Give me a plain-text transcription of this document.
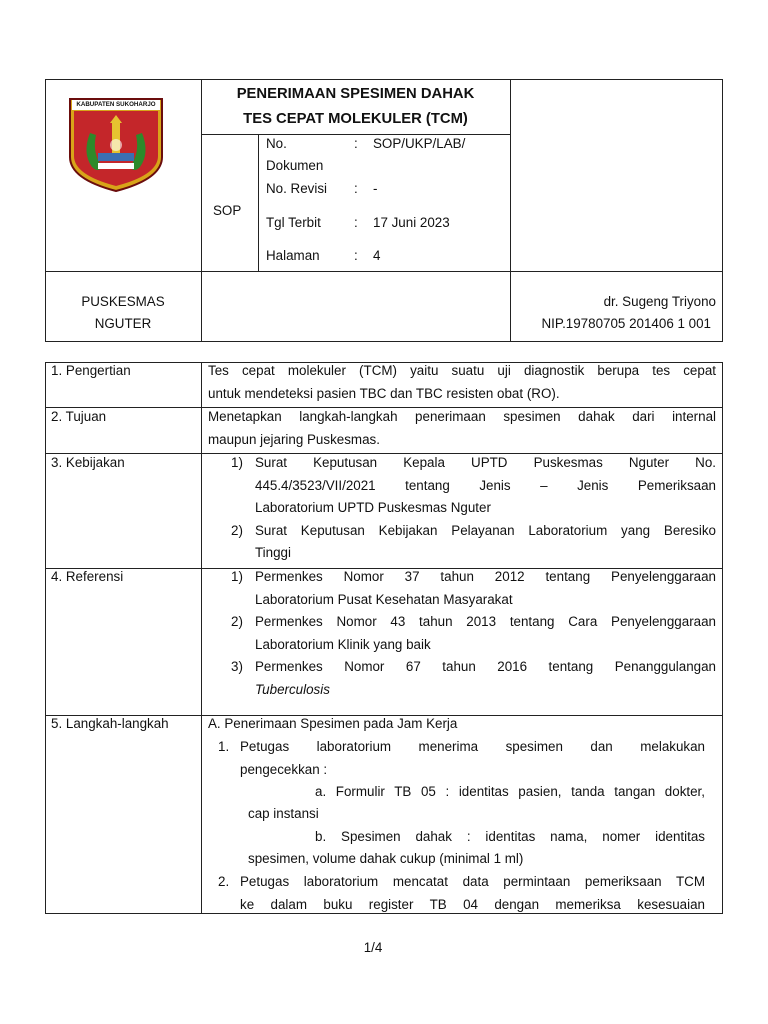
KABUPATEN SUKOHARJO
PENERIMAAN SPESIMEN DAHAK
TES CEPAT MOLEKULER (TCM)
SOP
No.	: SOP/UKP/LAB/
Dokumen
No. Revisi : -
Tgl Terbit : 17 Juni 2023
Halaman	: 4
PUSKESMAS
NGUTER
dr. Sugeng Triyono
NIP.19780705 201406 1 001
1. Pengertian	Tes cepat molekuler (TCM) yaitu suatu uji diagnostik berupa tes cepat
untuk mendeteksi pasien TBC dan TBC resisten obat (RO).
2. Tujuan	Menetapkan langkah-langkah penerimaan spesimen dahak dari internal
maupun jejaring Puskesmas.
3. Kebijakan	1) Surat Keputusan Kepala UPTD Puskesmas Nguter No.
445.4/3523/VII/2021 tentang Jenis – Jenis Pemeriksaan
Laboratorium UPTD Puskesmas Nguter
2) Surat Keputusan Kebijakan Pelayanan Laboratorium yang Beresiko
Tinggi
4. Referensi	1) Permenkes Nomor 37 tahun 2012 tentang Penyelenggaraan
Laboratorium Pusat Kesehatan Masyarakat
2) Permenkes Nomor 43 tahun 2013 tentang Cara Penyelenggaraan
Laboratorium Klinik yang baik
3) Permenkes Nomor 67 tahun 2016 tentang Penanggulangan
Tuberculosis
5. Langkah-langkah	A. Penerimaan Spesimen pada Jam Kerja
1. Petugas laboratorium menerima spesimen dan melakukan
pengecekkan :
a. Formulir TB 05 : identitas pasien, tanda tangan dokter,
cap instansi
b. Spesimen dahak : identitas nama, nomer identitas
spesimen, volume dahak cukup (minimal 1 ml)
2. Petugas laboratorium mencatat data permintaan pemeriksaan TCM
ke dalam buku register TB 04 dengan memeriksa kesesuaian
1/4
